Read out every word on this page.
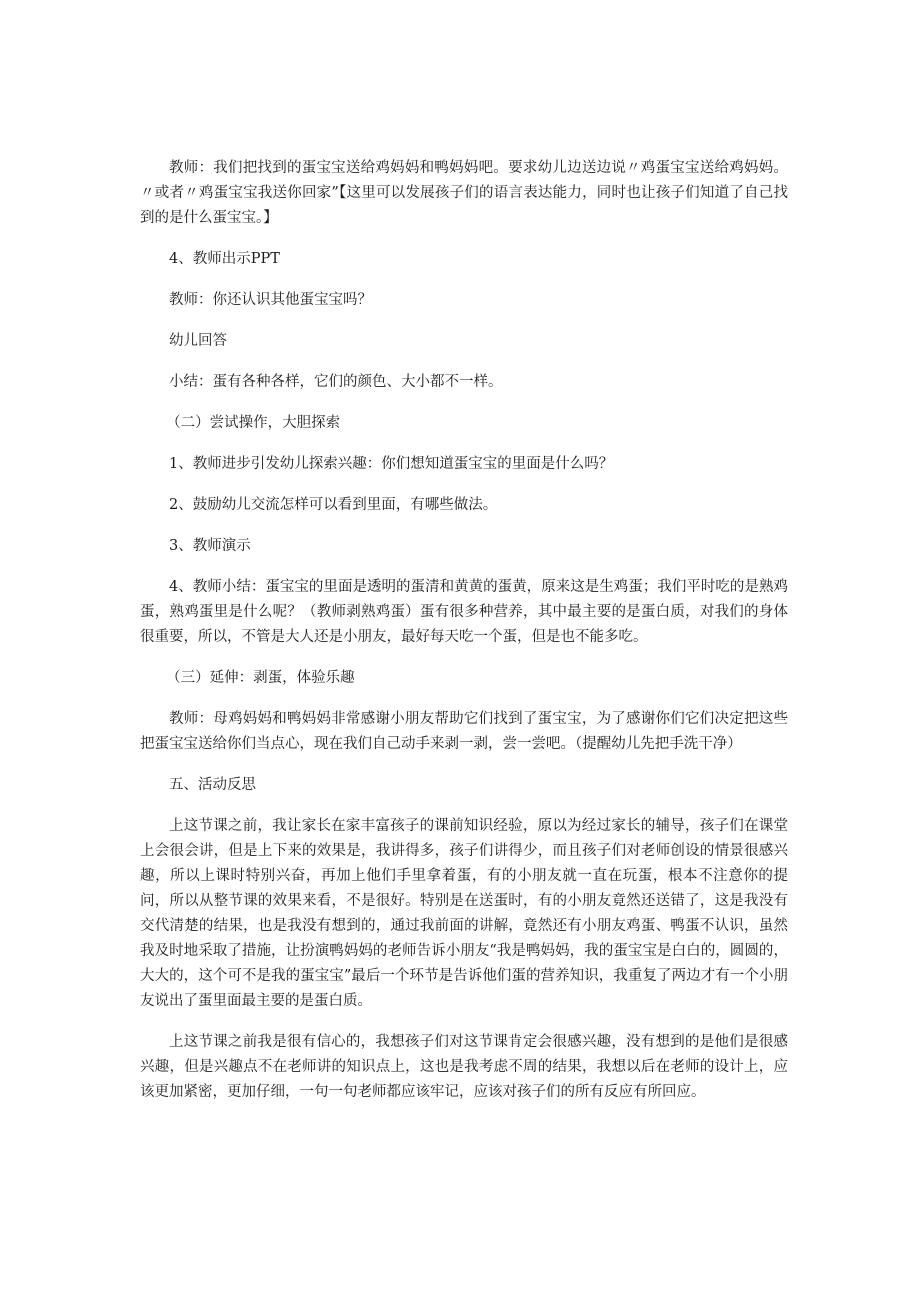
教师：我们把找到的蛋宝宝送给鸡妈妈和鸭妈妈吧。要求幼儿边送边说〃鸡蛋宝宝送给鸡妈妈。〃或者〃鸡蛋宝宝我送你回家”【这里可以发展孩子们的语言表达能力，同时也让孩子们知道了自己找到的是什么蛋宝宝。】

4、教师出示PPT

教师：你还认识其他蛋宝宝吗？

幼儿回答

小结：蛋有各种各样，它们的颜色、大小都不一样。

（二）尝试操作，大胆探索

1、教师进步引发幼儿探索兴趣：你们想知道蛋宝宝的里面是什么吗？

2、鼓励幼儿交流怎样可以看到里面，有哪些做法。

3、教师演示

4、教师小结：蛋宝宝的里面是透明的蛋清和黄黄的蛋黄，原来这是生鸡蛋；我们平时吃的是熟鸡蛋，熟鸡蛋里是什么呢？（教师剥熟鸡蛋）蛋有很多种营养，其中最主要的是蛋白质，对我们的身体很重要，所以，不管是大人还是小朋友，最好每天吃一个蛋，但是也不能多吃。

（三）延伸：剥蛋，体验乐趣

教师：母鸡妈妈和鸭妈妈非常感谢小朋友帮助它们找到了蛋宝宝，为了感谢你们它们决定把这些把蛋宝宝送给你们当点心，现在我们自己动手来剥一剥，尝一尝吧。（提醒幼儿先把手洗干净）

五、活动反思

上这节课之前，我让家长在家丰富孩子的课前知识经验，原以为经过家长的辅导，孩子们在课堂上会很会讲，但是上下来的效果是，我讲得多，孩子们讲得少，而且孩子们对老师创设的情景很感兴趣，所以上课时特别兴奋，再加上他们手里拿着蛋，有的小朋友就一直在玩蛋，根本不注意你的提问，所以从整节课的效果来看，不是很好。特别是在送蛋时，有的小朋友竟然还送错了，这是我没有交代清楚的结果，也是我没有想到的，通过我前面的讲解，竟然还有小朋友鸡蛋、鸭蛋不认识，虽然我及时地采取了措施，让扮演鸭妈妈的老师告诉小朋友“我是鸭妈妈，我的蛋宝宝是白白的，圆圆的，大大的，这个可不是我的蛋宝宝”最后一个环节是告诉他们蛋的营养知识，我重复了两边才有一个小朋友说出了蛋里面最主要的是蛋白质。

上这节课之前我是很有信心的，我想孩子们对这节课肯定会很感兴趣，没有想到的是他们是很感兴趣，但是兴趣点不在老师讲的知识点上，这也是我考虑不周的结果，我想以后在老师的设计上，应该更加紧密，更加仔细，一句一句老师都应该牢记，应该对孩子们的所有反应有所回应。
